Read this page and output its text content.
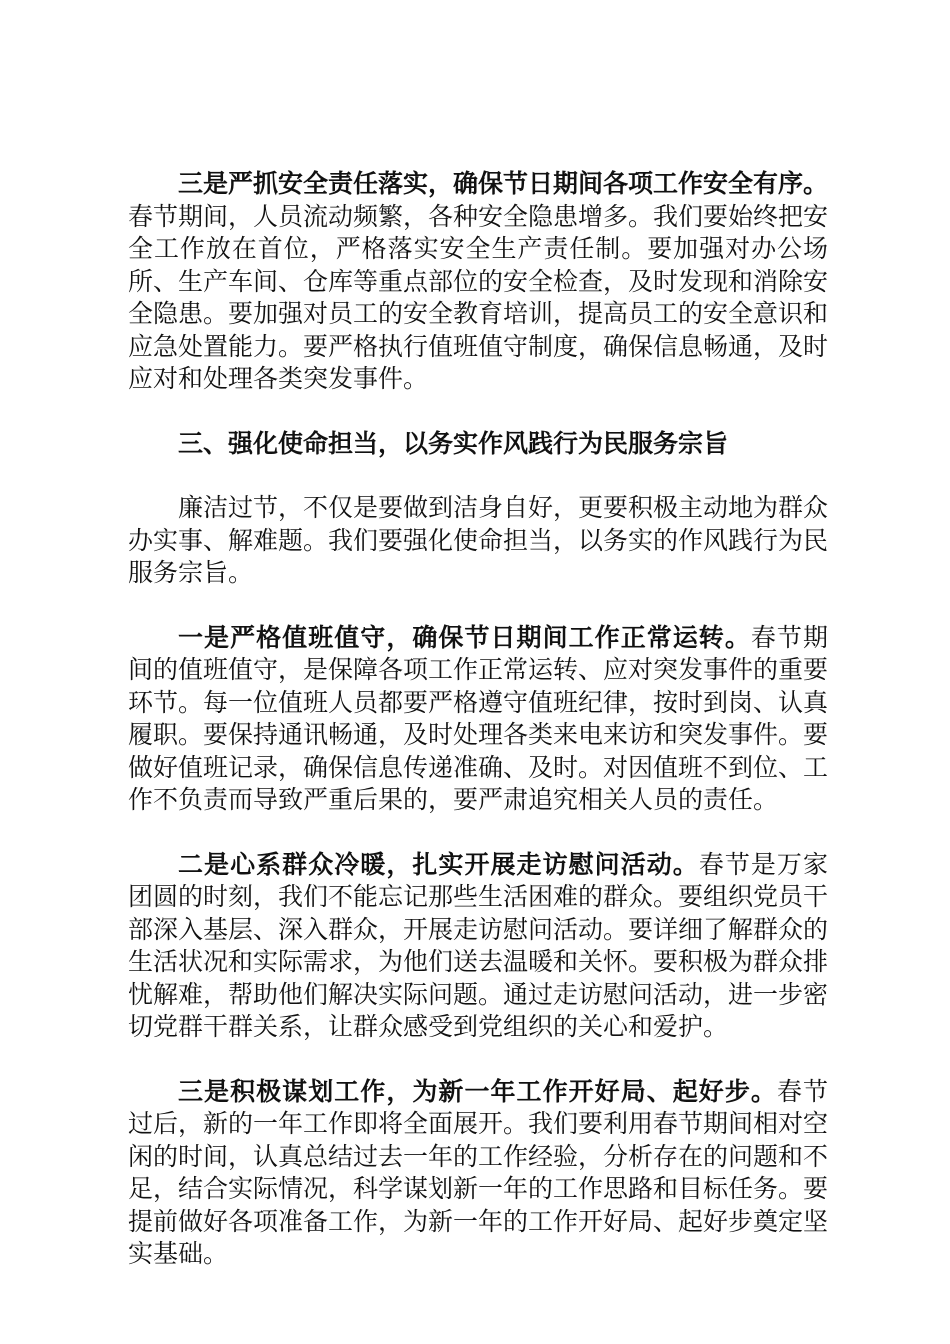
三是严抓安全责任落实，确保节日期间各项工作安全有序。春节期间，人员流动频繁，各种安全隐患增多。我们要始终把安全工作放在首位，严格落实安全生产责任制。要加强对办公场所、生产车间、仓库等重点部位的安全检查，及时发现和消除安全隐患。要加强对员工的安全教育培训，提高员工的安全意识和应急处置能力。要严格执行值班值守制度，确保信息畅通，及时应对和处理各类突发事件。

三、强化使命担当，以务实作风践行为民服务宗旨

廉洁过节，不仅是要做到洁身自好，更要积极主动地为群众办实事、解难题。我们要强化使命担当，以务实的作风践行为民服务宗旨。

一是严格值班值守，确保节日期间工作正常运转。春节期间的值班值守，是保障各项工作正常运转、应对突发事件的重要环节。每一位值班人员都要严格遵守值班纪律，按时到岗、认真履职。要保持通讯畅通，及时处理各类来电来访和突发事件。要做好值班记录，确保信息传递准确、及时。对因值班不到位、工作不负责而导致严重后果的，要严肃追究相关人员的责任。

二是心系群众冷暖，扎实开展走访慰问活动。春节是万家团圆的时刻，我们不能忘记那些生活困难的群众。要组织党员干部深入基层、深入群众，开展走访慰问活动。要详细了解群众的生活状况和实际需求，为他们送去温暖和关怀。要积极为群众排忧解难，帮助他们解决实际问题。通过走访慰问活动，进一步密切党群干群关系，让群众感受到党组织的关心和爱护。

三是积极谋划工作，为新一年工作开好局、起好步。春节过后，新的一年工作即将全面展开。我们要利用春节期间相对空闲的时间，认真总结过去一年的工作经验，分析存在的问题和不足，结合实际情况，科学谋划新一年的工作思路和目标任务。要提前做好各项准备工作，为新一年的工作开好局、起好步奠定坚实基础。
